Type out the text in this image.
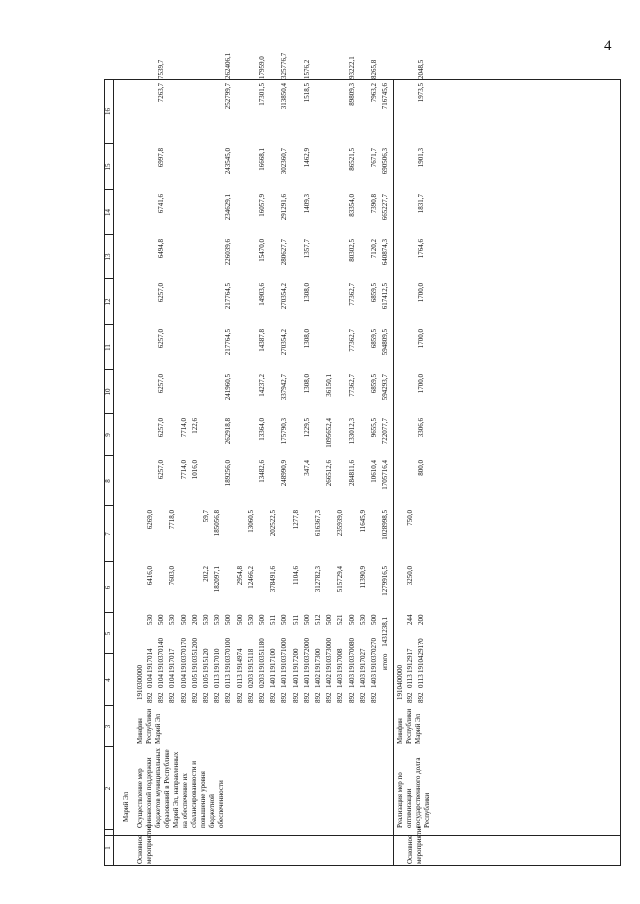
4
1
2
3
4
5
6
7
8
9
10
11
12
13
14
15
16
Марий Эл
Основное мероприятие
Осуществление мер финансовой поддержки бюджетов муниципальных образований в Республике Марий Эл, направленных на обеспечение их сбалансированности и повышение уровня бюджетной обеспеченности
Минфин Республики Марий Эл
1910300000 892
0104
1917014
530
6416,0
6269,0
892
0104
1910370140
500
6257,0
6257,0
6257,0
6257,0
6257,0
6494,8
6741,6
6997,8
7263,7
7539,7
892
0104
1917017
530
7603,0
7718,0
892
0104
1910370170
500
7714,0
7714,0
892
0105
1910351200
200
1016,0
122,6
892
0105
1915120
530
202,2
59,7
892
0113
1917010
530
182097,1
185056,8
892
0113
1910370100
500
189256,0
262918,8
241960,5
217764,5
217764,5
226039,6
234629,1
243545,0
252799,7
262406,1
892
0113
1914974
500
2954,8
892
0203
1915118
530
12466,2
13060,5
892
0203
1910351180
500
13482,6
13364,0
14237,2
14387,8
14903,6
15470,0
16057,9
16668,1
17301,5
17959,0
892
1401
1917100
511
378491,6
202522,5
892
1401
1910371000
500
248990,9
175790,3
337942,7
270354,2
270354,2
280627,7
291291,6
302360,7
313850,4
325776,7
892
1401
1917200
511
1104,6
1277,8
892
1401
1910372000
500
347,4
1229,5
1308,0
1308,0
1308,0
1357,7
1409,3
1462,9
1518,5
1576,2
892
1402
1917300
512
312782,3
616367,3
892
1402
1910373000
500
266512,6
1095652,4
36150,1
892
1403
1917008
521
515729,4
235939,0
892
1403
1910370080
500
284811,6
133012,3
77362,7
77362,7
77362,7
80302,5
83354,0
86521,5
89809,3
93222,1
892
1403
1917027
530
11390,9
11645,9
892
1403
1910370270
500
10610,4
9655,5
6859,5
6859,5
6859,5
7120,2
7390,8
7671,7
7963,2
8265,8
итого
1431238,1
1279916,5
1028998,5
1705716,4
722077,7
594293,7
594809,5
617412,5
640874,3
665227,7
690506,3
716745,6
Основное мероприятие
Реализация мер по оптимизации государственного долга Республики
Минфин Республики Марий Эл
1910400000 892
0113
1912917
244
3250,0
750,0
892
0113
19104291?0
200
800,0
3306,6
1700,0
1700,0
1700,0
1764,6
1831,7
1901,3
1973,5
2048,5
